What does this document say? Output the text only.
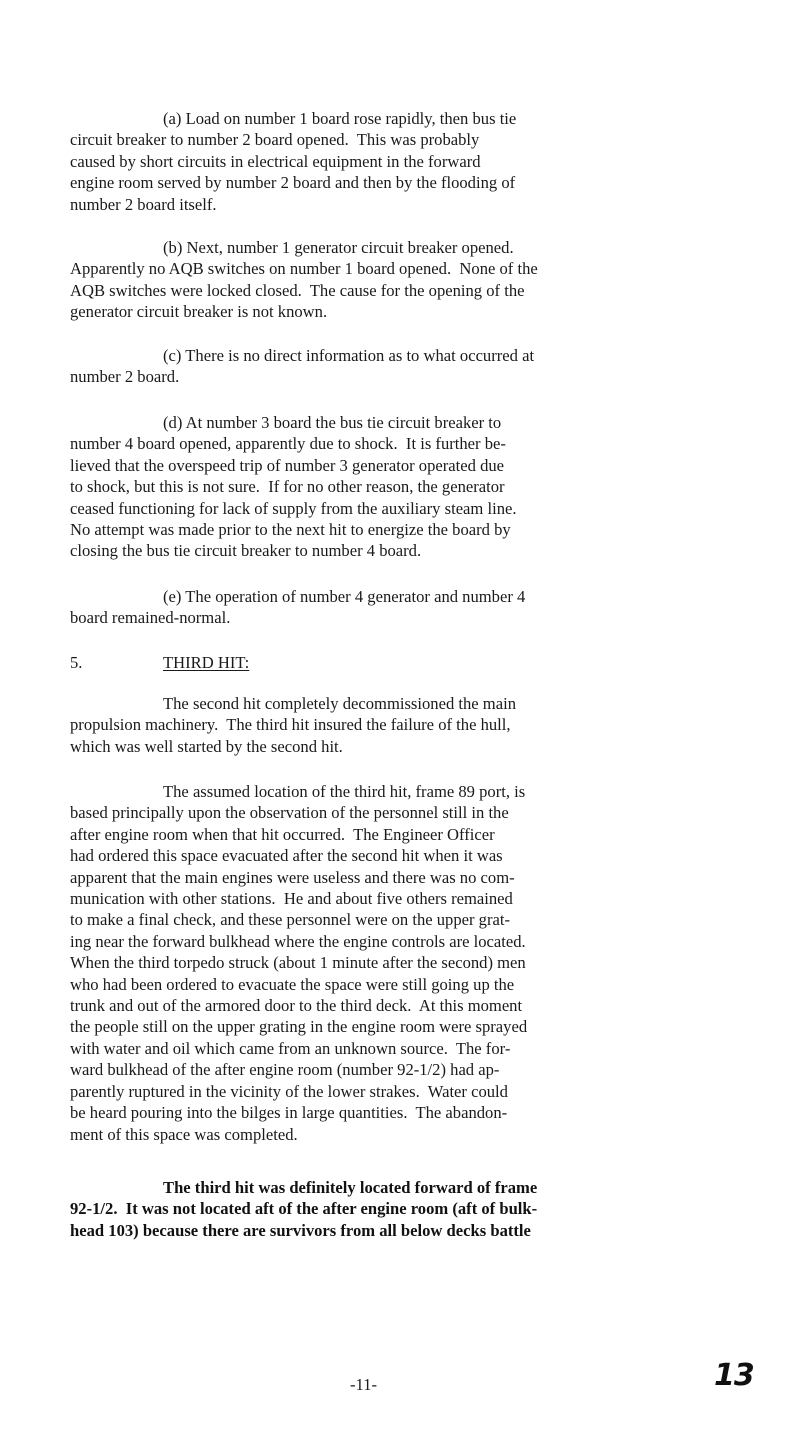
(a) Load on number 1 board rose rapidly, then bus tie
circuit breaker to number 2 board opened.  This was probably
caused by short circuits in electrical equipment in the forward
engine room served by number 2 board and then by the flooding of
number 2 board itself.

(b) Next, number 1 generator circuit breaker opened.
Apparently no AQB switches on number 1 board opened.  None of the
AQB switches were locked closed.  The cause for the opening of the
generator circuit breaker is not known.

(c) There is no direct information as to what occurred at
number 2 board.

(d) At number 3 board the bus tie circuit breaker to
number 4 board opened, apparently due to shock.  It is further be-
lieved that the overspeed trip of number 3 generator operated due
to shock, but this is not sure.  If for no other reason, the generator
ceased functioning for lack of supply from the auxiliary steam line.
No attempt was made prior to the next hit to energize the board by
closing the bus tie circuit breaker to number 4 board.

(e) The operation of number 4 generator and number 4
board remained-normal.

5.	THIRD HIT:

The second hit completely decommissioned the main
propulsion machinery.  The third hit insured the failure of the hull,
which was well started by the second hit.

The assumed location of the third hit, frame 89 port, is
based principally upon the observation of the personnel still in the
after engine room when that hit occurred.  The Engineer Officer
had ordered this space evacuated after the second hit when it was
apparent that the main engines were useless and there was no com-
munication with other stations.  He and about five others remained
to make a final check, and these personnel were on the upper grat-
ing near the forward bulkhead where the engine controls are located.
When the third torpedo struck (about 1 minute after the second) men
who had been ordered to evacuate the space were still going up the
trunk and out of the armored door to the third deck.  At this moment
the people still on the upper grating in the engine room were sprayed
with water and oil which came from an unknown source.  The for-
ward bulkhead of the after engine room (number 92-1/2) had ap-
parently ruptured in the vicinity of the lower strakes.  Water could
be heard pouring into the bilges in large quantities.  The abandon-
ment of this space was completed.

The third hit was definitely located forward of frame
92-1/2.  It was not located aft of the after engine room (aft of bulk-
head 103) because there are survivors from all below decks battle

-11-	13
